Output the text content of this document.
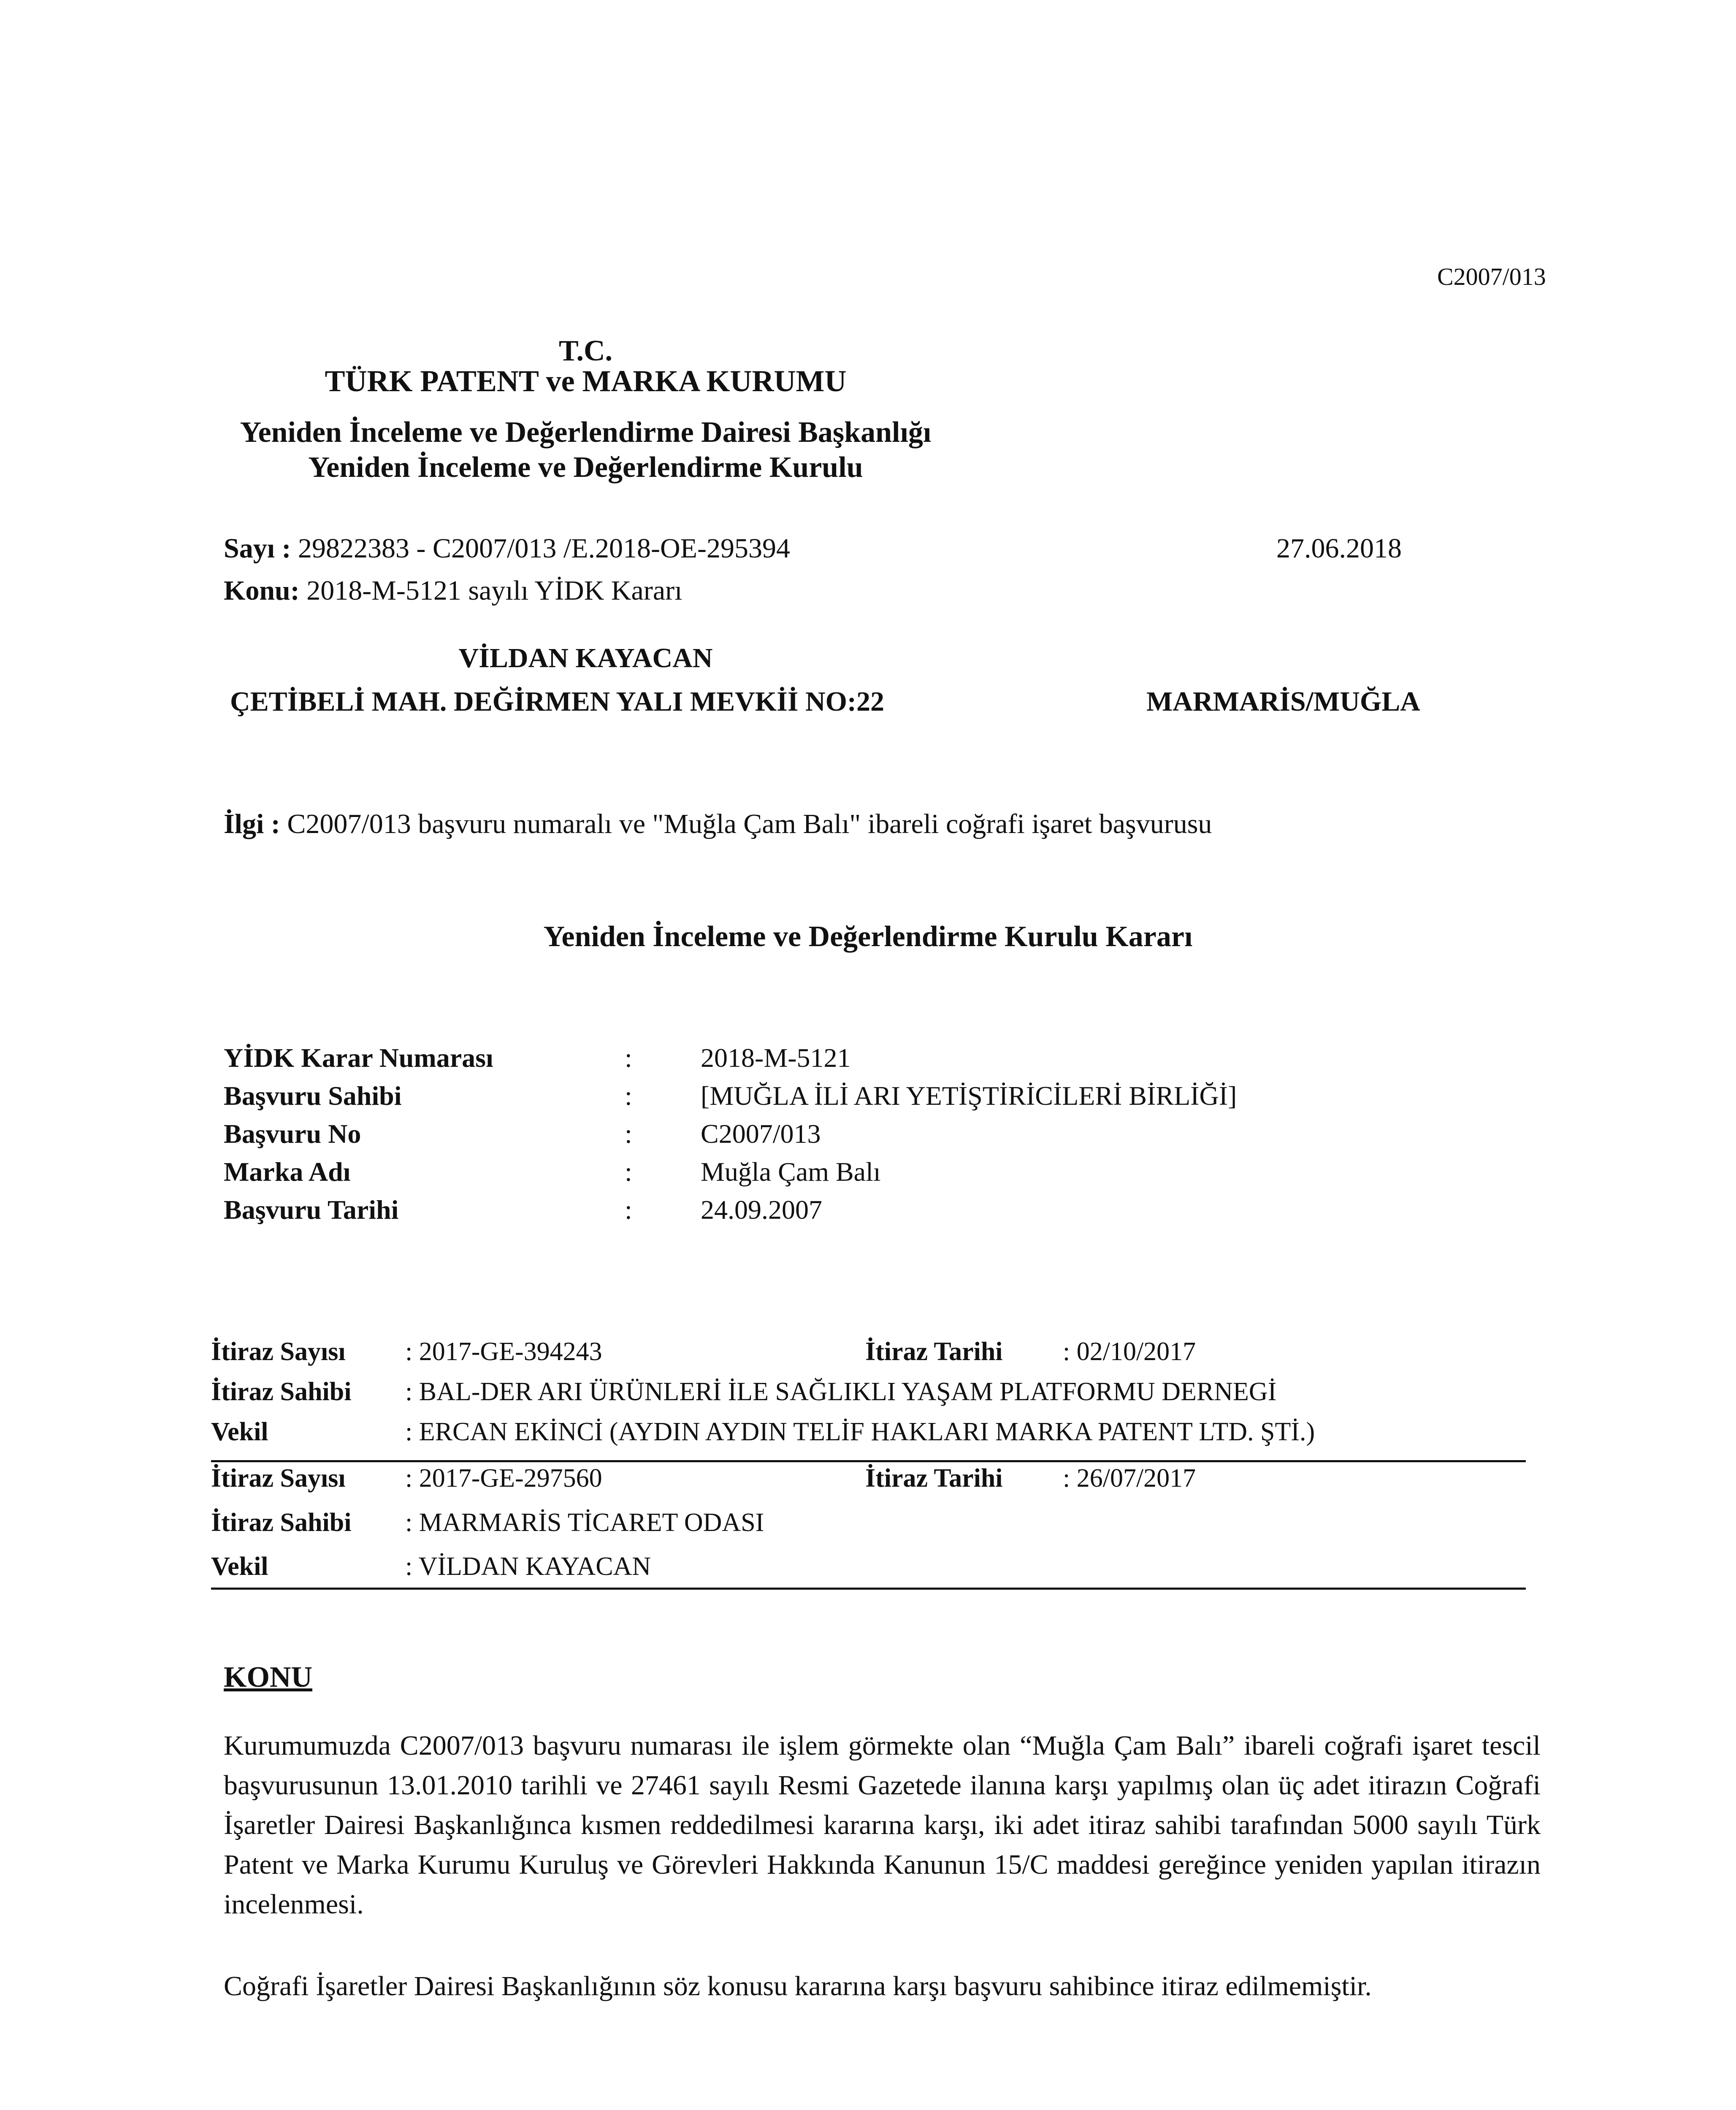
C2007/013
T.C.
TÜRK PATENT ve MARKA KURUMU
Yeniden İnceleme ve Değerlendirme Dairesi Başkanlığı
Yeniden İnceleme ve Değerlendirme Kurulu
Sayı : 29822383 - C2007/013 /E.2018-OE-295394	27.06.2018
Konu: 2018-M-5121 sayılı YİDK Kararı
VİLDAN KAYACAN
ÇETİBELİ MAH. DEĞİRMEN YALI MEVKİİ NO:22	MARMARİS/MUĞLA
İlgi : C2007/013 başvuru numaralı ve "Muğla Çam Balı" ibareli coğrafi işaret başvurusu
Yeniden İnceleme ve Değerlendirme Kurulu Kararı
YİDK Karar Numarası	:	2018-M-5121
Başvuru Sahibi	:	[MUĞLA İLİ ARI YETİŞTİRİCİLERİ BİRLİĞİ]
Başvuru No	:	C2007/013
Marka Adı	:	Muğla Çam Balı
Başvuru Tarihi	:	24.09.2007
İtiraz Sayısı : 2017-GE-394243	İtiraz Tarihi : 02/10/2017
İtiraz Sahibi : BAL-DER ARI ÜRÜNLERİ İLE SAĞLIKLI YAŞAM PLATFORMU DERNEGİ
Vekil	: ERCAN EKİNCİ (AYDIN AYDIN TELİF HAKLARI MARKA PATENT LTD. ŞTİ.)
İtiraz Sayısı : 2017-GE-297560	İtiraz Tarihi : 26/07/2017
İtiraz Sahibi : MARMARİS TİCARET ODASI
Vekil	: VİLDAN KAYACAN
KONU
Kurumumuzda C2007/013 başvuru numarası ile işlem görmekte olan “Muğla Çam Balı” ibareli coğrafi işaret tescil başvurusunun 13.01.2010 tarihli ve 27461 sayılı Resmi Gazetede ilanına karşı yapılmış olan üç adet itirazın Coğrafi İşaretler Dairesi Başkanlığınca kısmen reddedilmesi kararına karşı, iki adet itiraz sahibi tarafından 5000 sayılı Türk Patent ve Marka Kurumu Kuruluş ve Görevleri Hakkında Kanunun 15/C maddesi gereğince yeniden yapılan itirazın incelenmesi.
Coğrafi İşaretler Dairesi Başkanlığının söz konusu kararına karşı başvuru sahibince itiraz edilmemiştir.
